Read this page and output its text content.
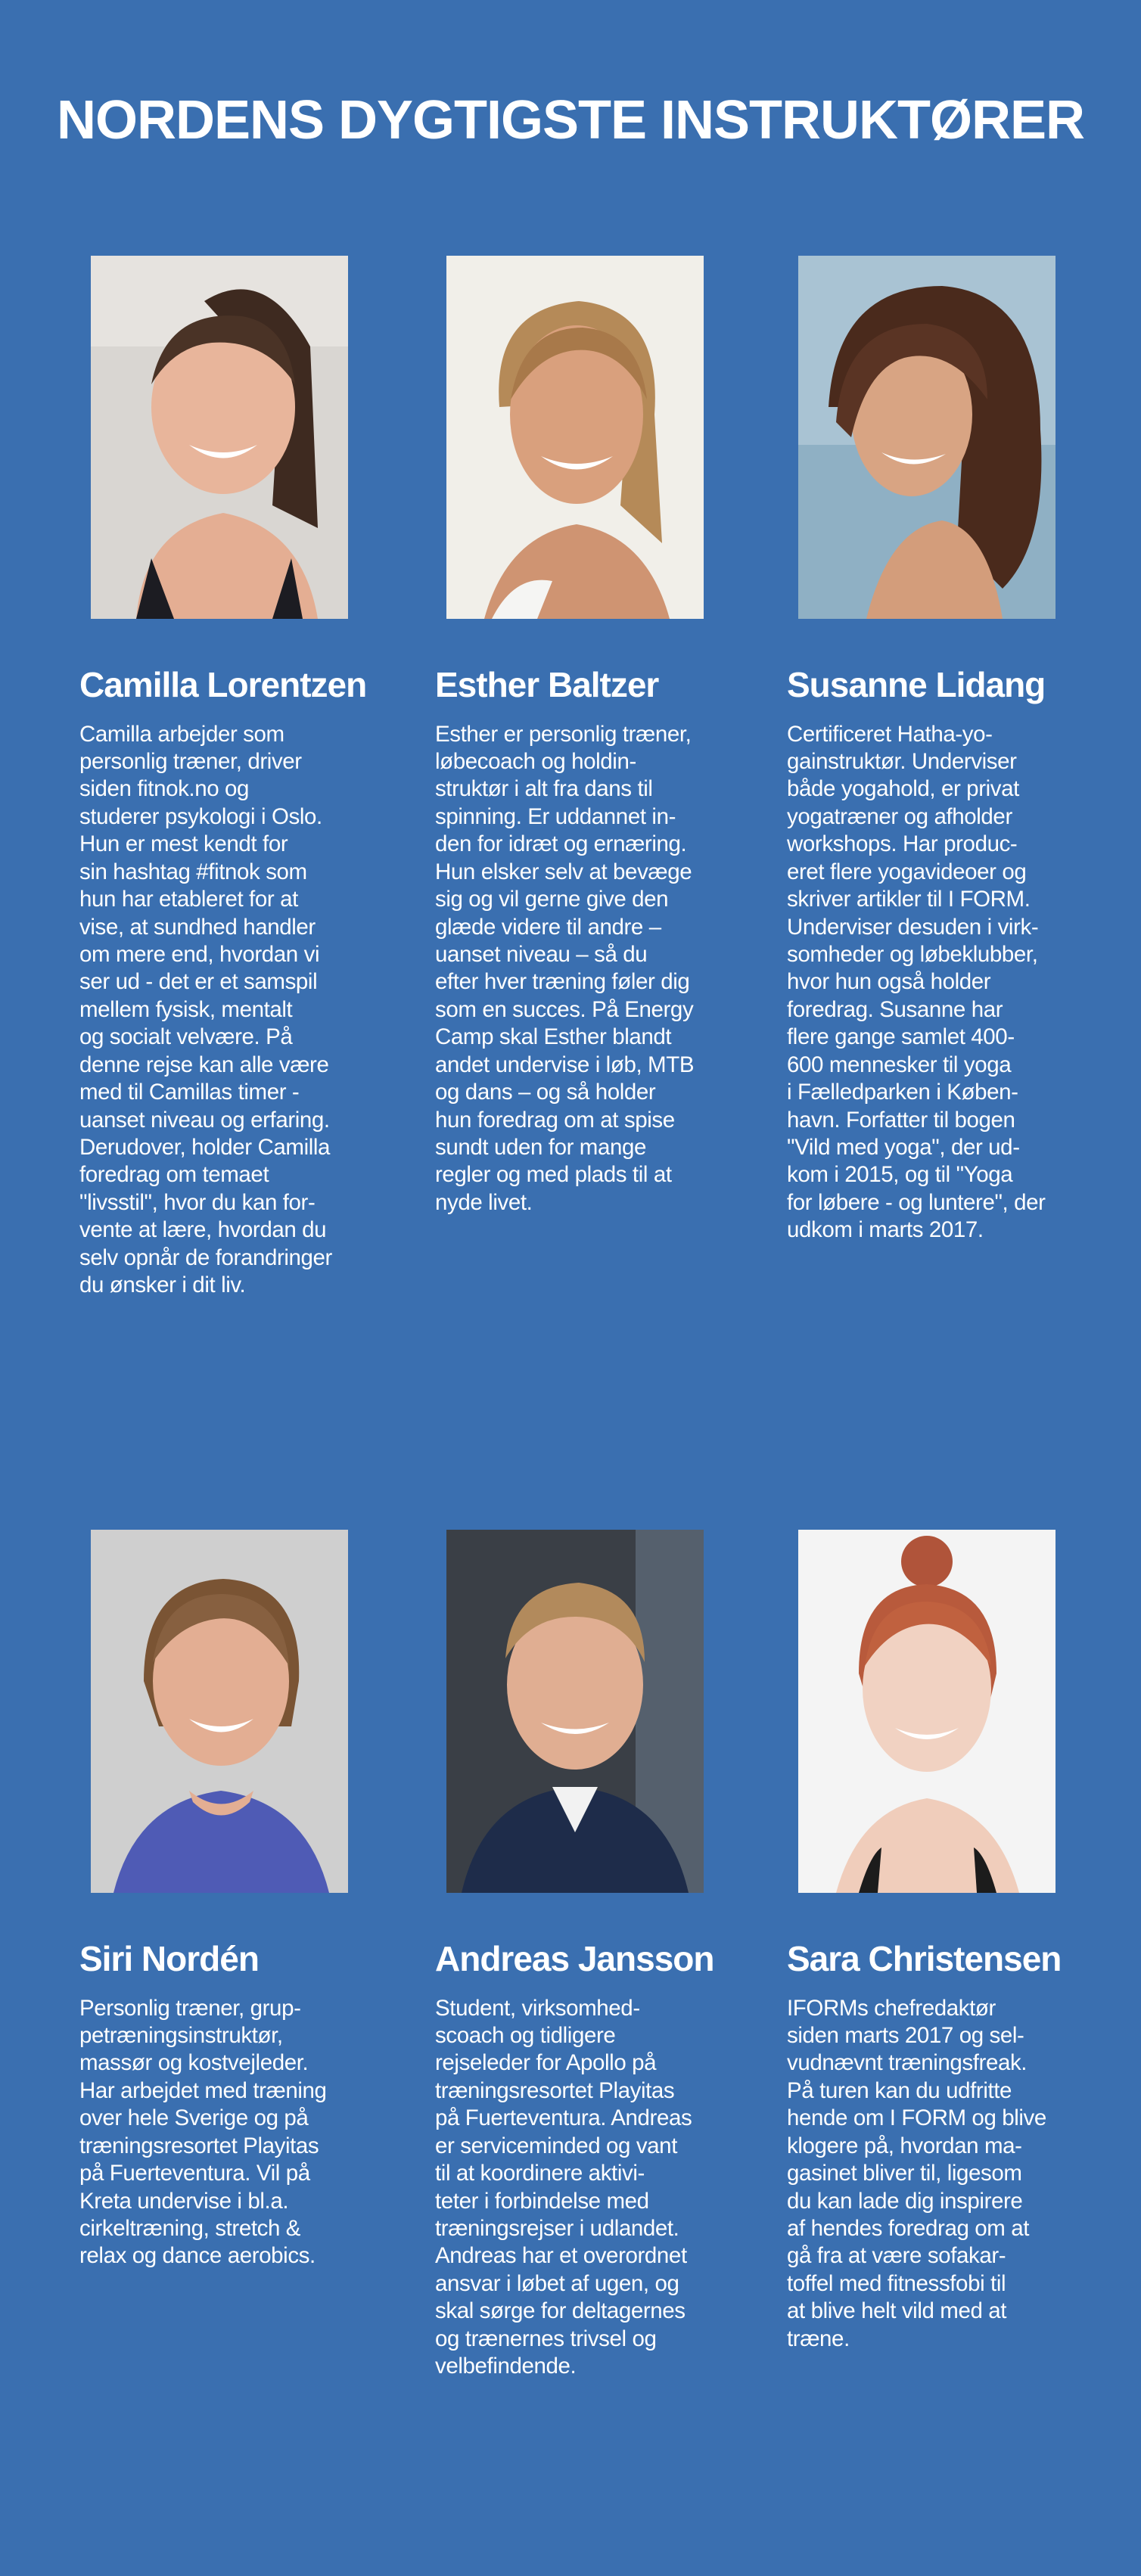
NORDENS DYGTIGSTE INSTRUKTØRER
Camilla Lorentzen
Camilla arbejder som
personlig træner, driver
siden fitnok.no og
studerer psykologi i Oslo.
Hun er mest kendt for
sin hashtag #fitnok som
hun har etableret for at
vise, at sundhed handler
om mere end, hvordan vi
ser ud - det er et samspil
mellem fysisk, mentalt
og socialt velvære. På
denne rejse kan alle være
med til Camillas timer -
uanset niveau og erfaring.
Derudover, holder Camilla
foredrag om temaet
"livsstil", hvor du kan for-
vente at lære, hvordan du
selv opnår de forandringer
du ønsker i dit liv.
Esther Baltzer
Esther er personlig træner,
løbecoach og holdin-
struktør i alt fra dans til
spinning. Er uddannet in-
den for idræt og ernæring.
Hun elsker selv at bevæge
sig og vil gerne give den
glæde videre til andre –
uanset niveau – så du
efter hver træning føler dig
som en succes. På Energy
Camp skal Esther blandt
andet undervise i løb, MTB
og dans – og så holder
hun foredrag om at spise
sundt uden for mange
regler og med plads til at
nyde livet.
Susanne Lidang
Certificeret Hatha-yo-
gainstruktør. Underviser
både yogahold, er privat
yogatræner og afholder
workshops. Har produc-
eret flere yogavideoer og
skriver artikler til I FORM.
Underviser desuden i virk-
somheder og løbeklubber,
hvor hun også holder
foredrag. Susanne har
flere gange samlet 400-
600 mennesker til yoga
i Fælledparken i Køben-
havn. Forfatter til bogen
"Vild med yoga", der ud-
kom i 2015, og til "Yoga
for løbere - og luntere", der
udkom i marts 2017.
Siri Nordén
Personlig træner, grup-
petræningsinstruktør,
massør og kostvejleder.
Har arbejdet med træning
over hele Sverige og på
træningsresortet Playitas
på Fuerteventura. Vil på
Kreta undervise i bl.a.
cirkeltræning, stretch &
relax og dance aerobics.
Andreas Jansson
Student, virksomhed-
scoach og tidligere
rejseleder for Apollo på
træningsresortet Playitas
på Fuerteventura. Andreas
er serviceminded og vant
til at koordinere aktivi-
teter i forbindelse med
træningsrejser i udlandet.
Andreas har et overordnet
ansvar i løbet af ugen, og
skal sørge for deltagernes
og trænernes trivsel og
velbefindende.
Sara Christensen
IFORMs chefredaktør
siden marts 2017 og sel-
vudnævnt træningsfreak.
På turen kan du udfritte
hende om I FORM og blive
klogere på, hvordan ma-
gasinet bliver til, ligesom
du kan lade dig inspirere
af hendes foredrag om at
gå fra at være sofakar-
toffel med fitnessfobi til
at blive helt vild med at
træne.
